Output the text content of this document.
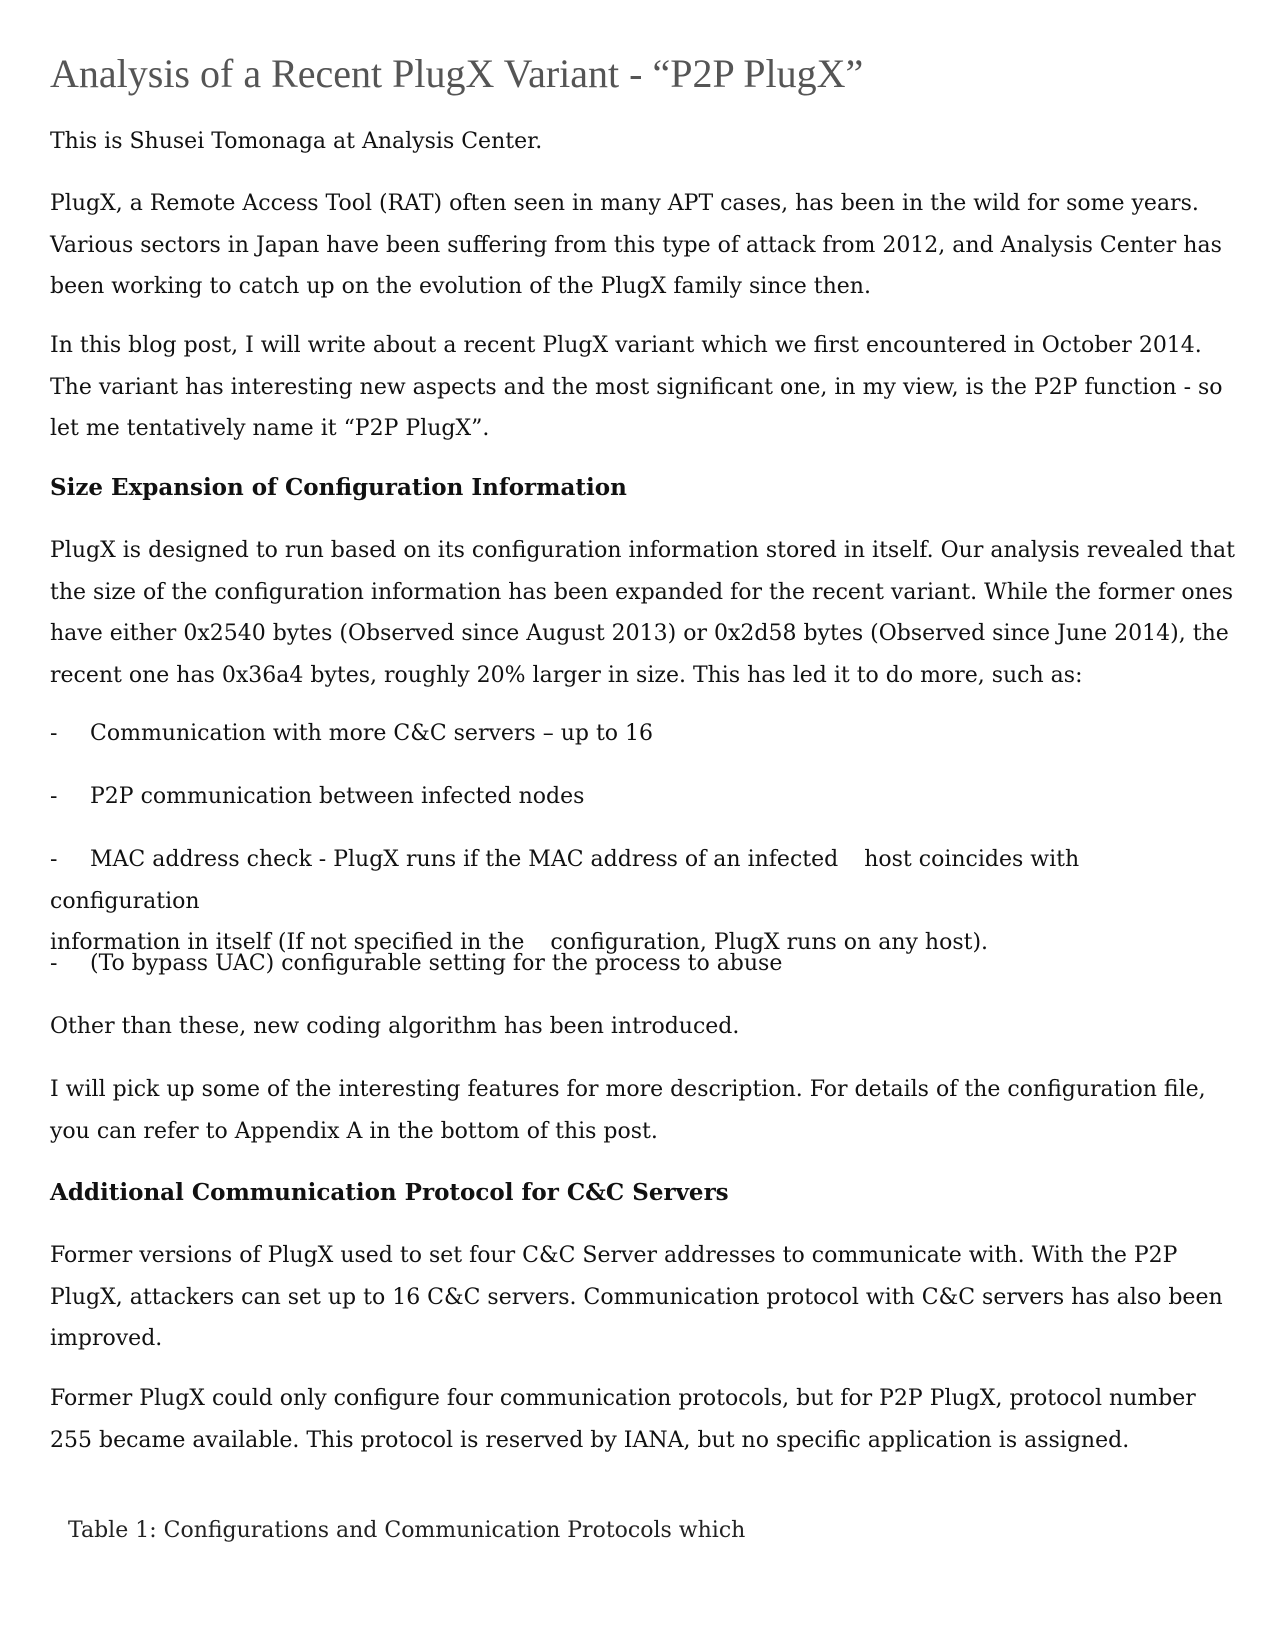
Analysis of a Recent PlugX Variant - “P2P PlugX”

This is Shusei Tomonaga at Analysis Center.

PlugX, a Remote Access Tool (RAT) often seen in many APT cases, has been in the wild for some years. Various sectors in Japan have been suffering from this type of attack from 2012, and Analysis Center has been working to catch up on the evolution of the PlugX family since then.

In this blog post, I will write about a recent PlugX variant which we first encountered in October 2014. The variant has interesting new aspects and the most significant one, in my view, is the P2P function - so let me tentatively name it “P2P PlugX”.

Size Expansion of Configuration Information

PlugX is designed to run based on its configuration information stored in itself. Our analysis revealed that the size of the configuration information has been expanded for the recent variant. While the former ones have either 0x2540 bytes (Observed since August 2013) or 0x2d58 bytes (Observed since June 2014), the recent one has 0x36a4 bytes, roughly 20% larger in size. This has led it to do more, such as:

- Communication with more C&C servers – up to 16
- P2P communication between infected nodes
- MAC address check - PlugX runs if the MAC address of an infected host coincides with configuration
information in itself (If not specified in the configuration, PlugX runs on any host).
- (To bypass UAC) configurable setting for the process to abuse

Other than these, new coding algorithm has been introduced.

I will pick up some of the interesting features for more description. For details of the configuration file, you can refer to Appendix A in the bottom of this post.

Additional Communication Protocol for C&C Servers

Former versions of PlugX used to set four C&C Server addresses to communicate with. With the P2P PlugX, attackers can set up to 16 C&C servers. Communication protocol with C&C servers has also been improved.

Former PlugX could only configure four communication protocols, but for P2P PlugX, protocol number 255 became available. This protocol is reserved by IANA, but no specific application is assigned.

Table 1: Configurations and Communication Protocols which
